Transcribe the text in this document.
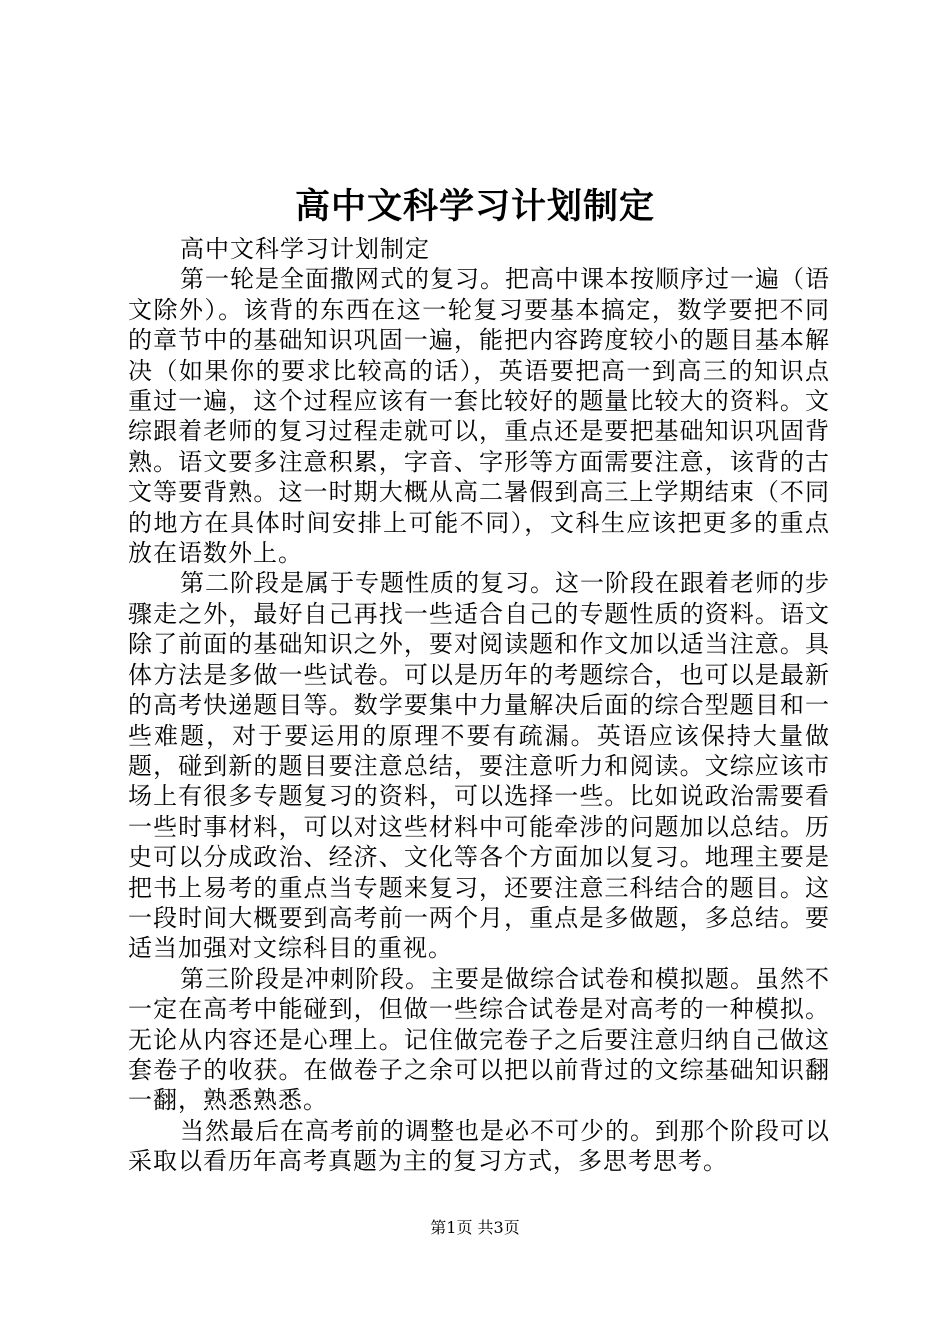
高中文科学习计划制定

高中文科学习计划制定

第一轮是全面撒网式的复习。把高中课本按顺序过一遍（语文除外）。该背的东西在这一轮复习要基本搞定，数学要把不同的章节中的基础知识巩固一遍，能把内容跨度较小的题目基本解决（如果你的要求比较高的话），英语要把高一到高三的知识点重过一遍，这个过程应该有一套比较好的题量比较大的资料。文综跟着老师的复习过程走就可以，重点还是要把基础知识巩固背熟。语文要多注意积累，字音、字形等方面需要注意，该背的古文等要背熟。这一时期大概从高二暑假到高三上学期结束（不同的地方在具体时间安排上可能不同），文科生应该把更多的重点放在语数外上。

第二阶段是属于专题性质的复习。这一阶段在跟着老师的步骤走之外，最好自己再找一些适合自己的专题性质的资料。语文除了前面的基础知识之外，要对阅读题和作文加以适当注意。具体方法是多做一些试卷。可以是历年的考题综合，也可以是最新的高考快递题目等。数学要集中力量解决后面的综合型题目和一些难题，对于要运用的原理不要有疏漏。英语应该保持大量做题，碰到新的题目要注意总结，要注意听力和阅读。文综应该市场上有很多专题复习的资料，可以选择一些。比如说政治需要看一些时事材料，可以对这些材料中可能牵涉的问题加以总结。历史可以分成政治、经济、文化等各个方面加以复习。地理主要是把书上易考的重点当专题来复习，还要注意三科结合的题目。这一段时间大概要到高考前一两个月，重点是多做题，多总结。要适当加强对文综科目的重视。

第三阶段是冲刺阶段。主要是做综合试卷和模拟题。虽然不一定在高考中能碰到，但做一些综合试卷是对高考的一种模拟。无论从内容还是心理上。记住做完卷子之后要注意归纳自己做这套卷子的收获。在做卷子之余可以把以前背过的文综基础知识翻一翻，熟悉熟悉。

当然最后在高考前的调整也是必不可少的。到那个阶段可以采取以看历年高考真题为主的复习方式，多思考思考。

第1页 共3页
